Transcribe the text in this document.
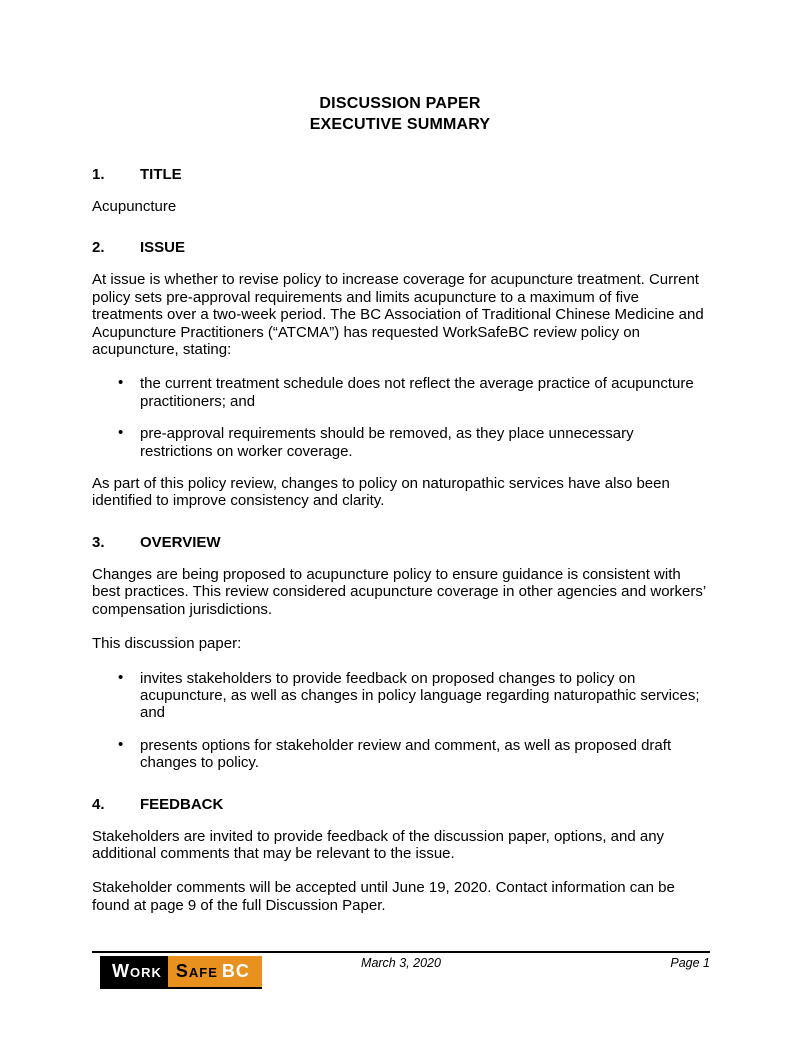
DISCUSSION PAPER
EXECUTIVE SUMMARY
1. TITLE

Acupuncture

2. ISSUE

At issue is whether to revise policy to increase coverage for acupuncture treatment. Current policy sets pre-approval requirements and limits acupuncture to a maximum of five treatments over a two-week period. The BC Association of Traditional Chinese Medicine and Acupuncture Practitioners (“ATCMA”) has requested WorkSafeBC review policy on acupuncture, stating:

• the current treatment schedule does not reflect the average practice of acupuncture practitioners; and
• pre-approval requirements should be removed, as they place unnecessary restrictions on worker coverage.

As part of this policy review, changes to policy on naturopathic services have also been identified to improve consistency and clarity.

3. OVERVIEW

Changes are being proposed to acupuncture policy to ensure guidance is consistent with best practices. This review considered acupuncture coverage in other agencies and workers’ compensation jurisdictions.

This discussion paper:

• invites stakeholders to provide feedback on proposed changes to policy on acupuncture, as well as changes in policy language regarding naturopathic services; and
• presents options for stakeholder review and comment, as well as proposed draft changes to policy.
4. FEEDBACK

Stakeholders are invited to provide feedback of the discussion paper, options, and any additional comments that may be relevant to the issue.

Stakeholder comments will be accepted until June 19, 2020. Contact information can be found at page 9 of the full Discussion Paper.

Work Safe BC	March 3, 2020	Page 1
